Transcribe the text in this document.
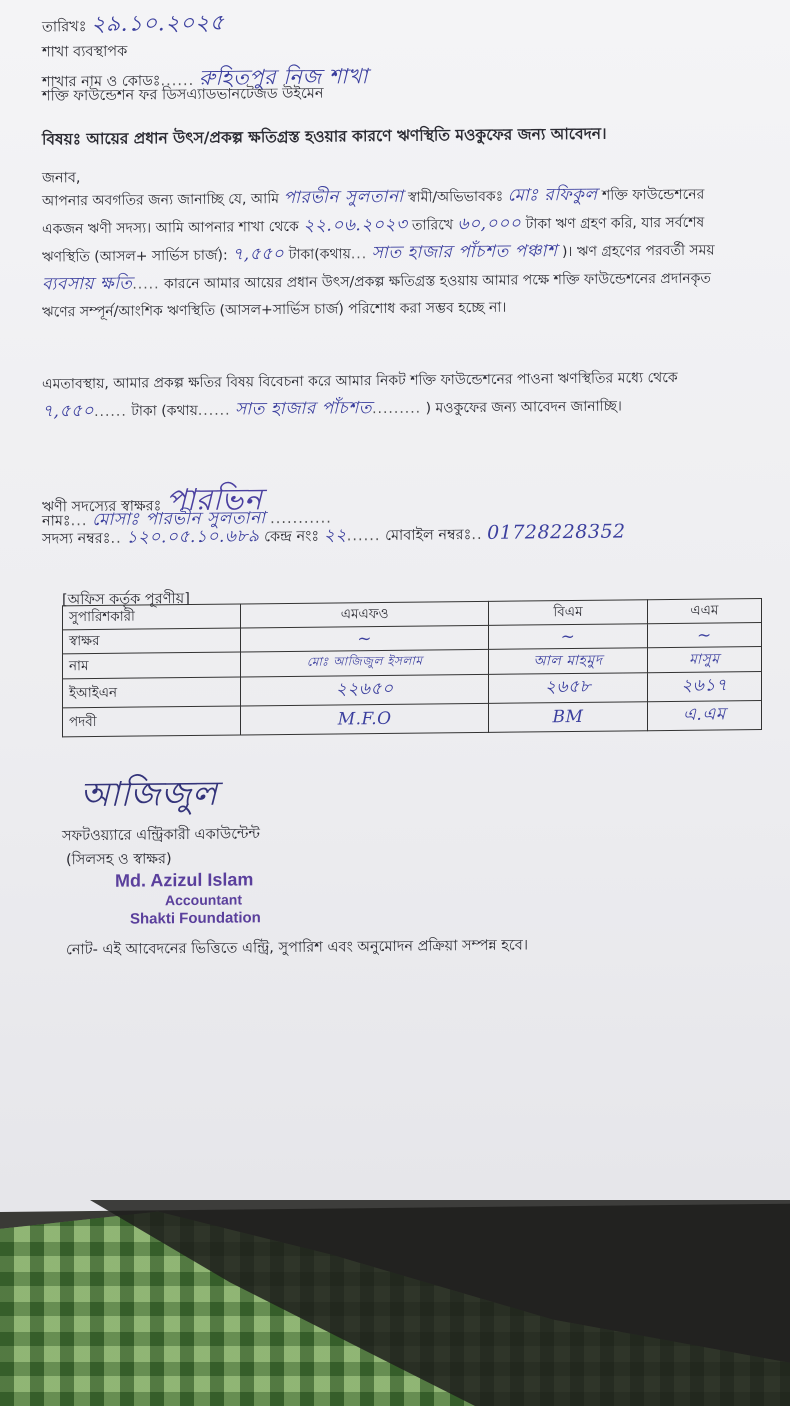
তারিখঃ ২৯.১০.২০২৫
শাখা ব্যবস্থাপক
শাখার নাম ও কোডঃ...... রুহিতপুর নিজ শাখা
শক্তি ফাউন্ডেশন ফর ডিসএ্যাডভানটেজড উইমেন
বিষয়ঃ আয়ের প্রধান উৎস/প্রকল্প ক্ষতিগ্রস্ত হওয়ার কারণে ঋণস্থিতি মওকুফের জন্য আবেদন।
জনাব,
আপনার অবগতির জন্য জানাচ্ছি যে, আমি পারভীন সুলতানা স্বামী/অভিভাবকঃ মোঃ রফিকুল শক্তি ফাউন্ডেশনের একজন ঋণী সদস্য। আমি আপনার শাখা থেকে ২২.০৬.২০২৩ তারিখে ৬০,০০০ টাকা ঋণ গ্রহণ করি, যার সর্বশেষ ঋণস্থিতি (আসল+ সার্ভিস চার্জ): ৭,৫৫০ টাকা(কথায়... সাত হাজার পাঁচশত পঞ্চাশ )। ঋণ গ্রহণের পরবর্তী সময় ব্যবসায় ক্ষতি..... কারনে আমার আয়ের প্রধান উৎস/প্রকল্প ক্ষতিগ্রস্ত হওয়ায় আমার পক্ষে শক্তি ফাউন্ডেশনের প্রদানকৃত ঋণের সম্পূর্ন/আংশিক ঋণস্থিতি (আসল+সার্ভিস চার্জ) পরিশোধ করা সম্ভব হচ্ছে না।
এমতাবস্থায়, আমার প্রকল্প ক্ষতির বিষয় বিবেচনা করে আমার নিকট শক্তি ফাউন্ডেশনের পাওনা ঋণস্থিতির মধ্যে থেকে ৭,৫৫০...... টাকা (কথায়...... সাত হাজার পাঁচশত......... ) মওকুফের জন্য আবেদন জানাচ্ছি।
ঋণী সদস্যের স্বাক্ষরঃ পারভিন
নামঃ... মোসাঃ পারভীন সুলতানা ...........
সদস্য নম্বরঃ.. ১২০.০৫.১০.৬৮৯ কেন্দ্র নংঃ ২২...... মোবাইল নম্বরঃ.. 01728228352
[অফিস কর্তৃক পূরণীয়]
সুপারিশকারী	এমএফও	বিএম	এএম
স্বাক্ষর	~	~	~
নাম	মোঃ আজিজুল ইসলাম	আল মাহমুদ	মাসুম
ইআইএন	২২৬৫০	২৬৫৮	২৬১৭
পদবী	M.F.O	BM	এ.এম
আজিজুল
সফটওয়্যারে এন্ট্রিকারী একাউন্টেন্ট
(সিলসহ ও স্বাক্ষর)
Md. Azizul Islam
Accountant
Shakti Foundation
নোট- এই আবেদনের ভিত্তিতে এন্ট্রি, সুপারিশ এবং অনুমোদন প্রক্রিয়া সম্পন্ন হবে।
